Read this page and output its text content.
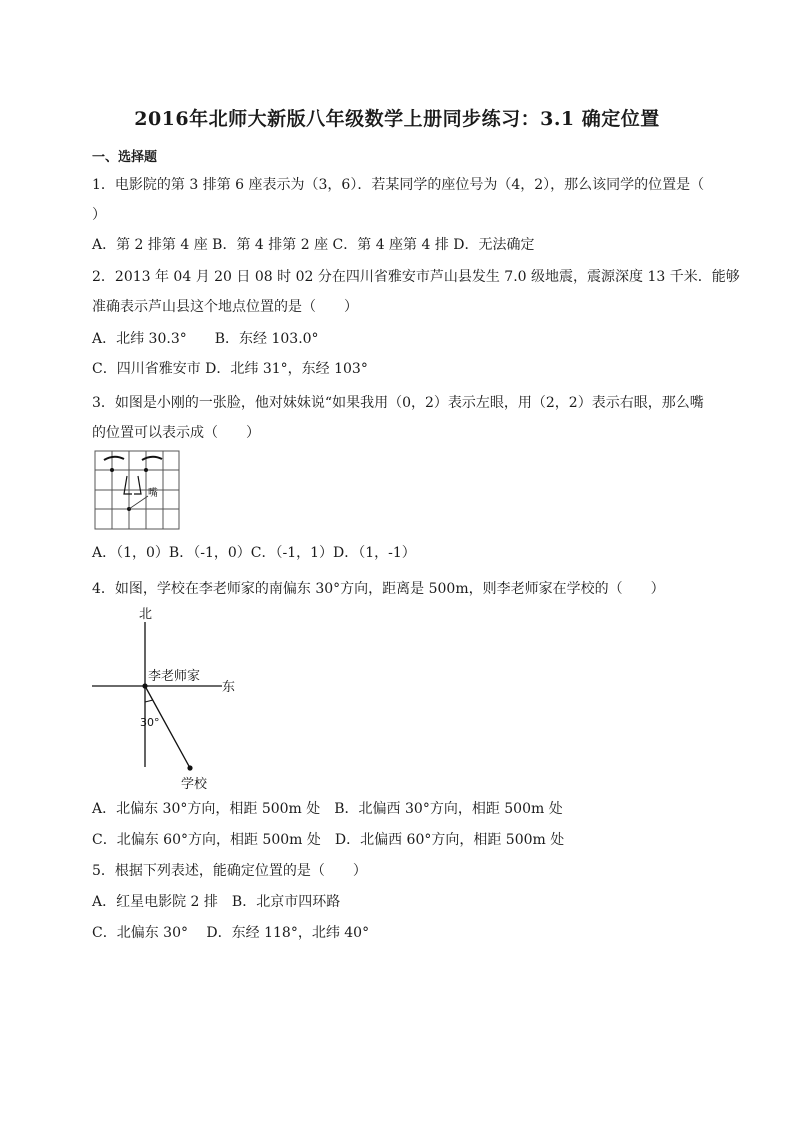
2016年北师大新版八年级数学上册同步练习：3.1 确定位置
一、选择题
1．电影院的第 3 排第 6 座表示为（3，6）．若某同学的座位号为（4，2），那么该同学的位置是（
）
A．第 2 排第 4 座 B．第 4 排第 2 座 C．第 4 座第 4 排 D．无法确定
2．2013 年 04 月 20 日 08 时 02 分在四川省雅安市芦山县发生 7.0 级地震，震源深度 13 千米．能够
准确表示芦山县这个地点位置的是（　　）
A．北纬 30.3°　　B．东经 103.0°
C．四川省雅安市 D．北纬 31°，东经 103°
3．如图是小刚的一张脸，他对妹妹说“如果我用（0，2）表示左眼，用（2，2）表示右眼，那么嘴
的位置可以表示成（　　）
嘴
A．（1，0）B．（-1，0）C．（-1，1）D．（1，-1）
4．如图，学校在李老师家的南偏东 30°方向，距离是 500m，则李老师家在学校的（　　）
北
东
李老师家
30°
学校
A．北偏东 30°方向，相距 500m 处　B．北偏西 30°方向，相距 500m 处
C．北偏东 60°方向，相距 500m 处　D．北偏西 60°方向，相距 500m 处
5．根据下列表述，能确定位置的是（　　）
A．红星电影院 2 排　B．北京市四环路
C．北偏东 30°　 D．东经 118°，北纬 40°
